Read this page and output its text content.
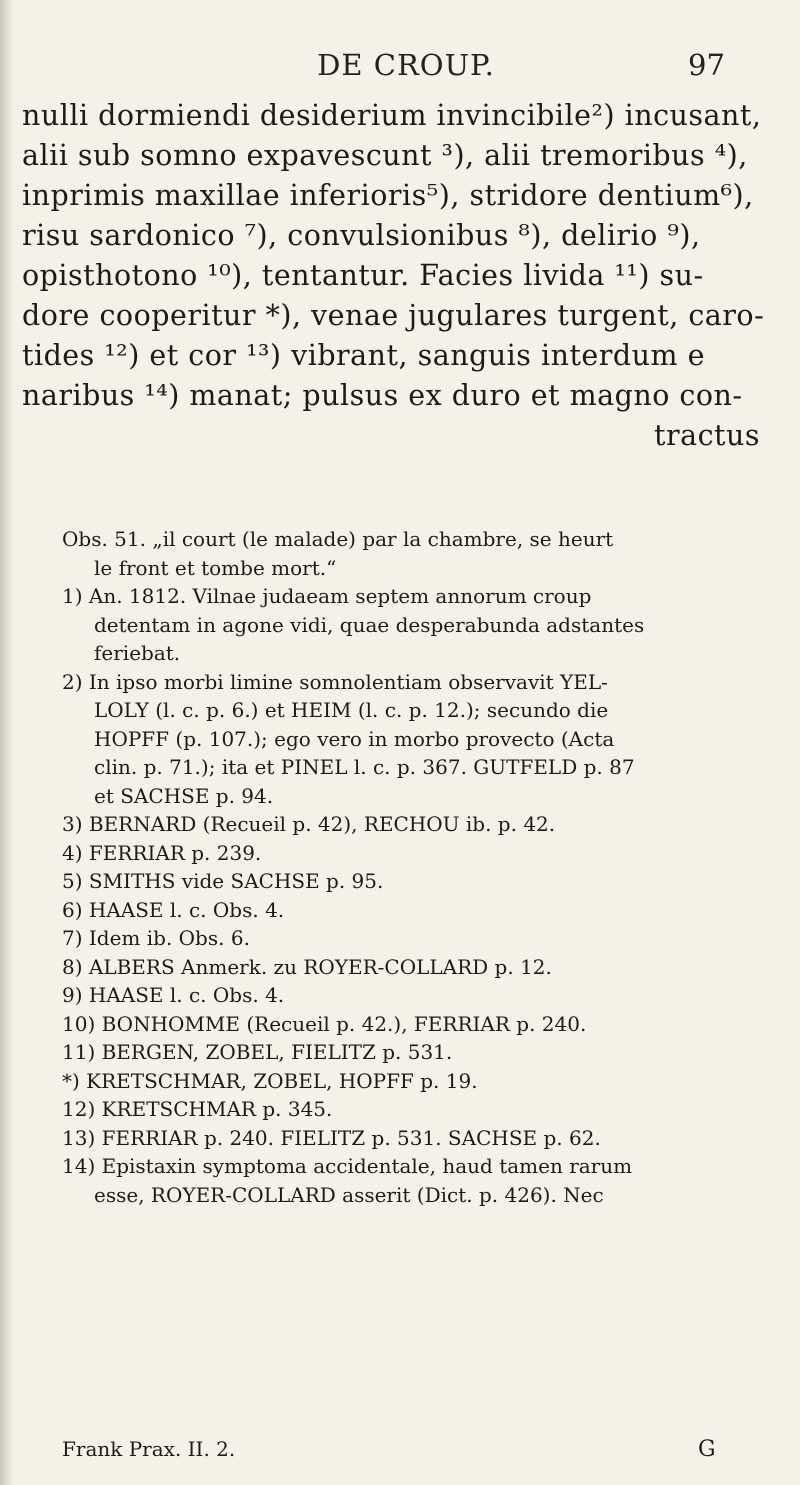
DE CROUP.	97
nulli dormiendi desiderium invincibile²) incusant,
alii sub somno expavescunt ³), alii tremoribus ⁴),
inprimis maxillae inferioris⁵), stridore dentium⁶),
risu sardonico ⁷), convulsionibus ⁸), delirio ⁹),
opisthotono ¹⁰), tentantur. Facies livida ¹¹) su-
dore cooperitur *), venae jugulares turgent, caro-
tides ¹²) et cor ¹³) vibrant, sanguis interdum e
naribus ¹⁴) manat; pulsus ex duro et magno con-
tractus
Obs. 51. „il court (le malade) par la chambre, se heurt
le front et tombe mort.“
1) An. 1812. Vilnae judaeam septem annorum croup
detentam in agone vidi, quae desperabunda adstantes
feriebat.
2) In ipso morbi limine somnolentiam observavit YEL-
LOLY (l. c. p. 6.) et HEIM (l. c. p. 12.); secundo die
HOPFF (p. 107.); ego vero in morbo provecto (Acta
clin. p. 71.); ita et PINEL l. c. p. 367. GUTFELD p. 87
et SACHSE p. 94.
3) BERNARD (Recueil p. 42), RECHOU ib. p. 42.
4) FERRIAR p. 239.
5) SMITHS vide SACHSE p. 95.
6) HAASE l. c. Obs. 4.
7) Idem ib. Obs. 6.
8) ALBERS Anmerk. zu ROYER-COLLARD p. 12.
9) HAASE l. c. Obs. 4.
10) BONHOMME (Recueil p. 42.), FERRIAR p. 240.
11) BERGEN, ZOBEL, FIELITZ p. 531.
*) KRETSCHMAR, ZOBEL, HOPFF p. 19.
12) KRETSCHMAR p. 345.
13) FERRIAR p. 240. FIELITZ p. 531. SACHSE p. 62.
14) Epistaxin symptoma accidentale, haud tamen rarum
esse, ROYER-COLLARD asserit (Dict. p. 426). Nec
Frank Prax. II. 2.	G
